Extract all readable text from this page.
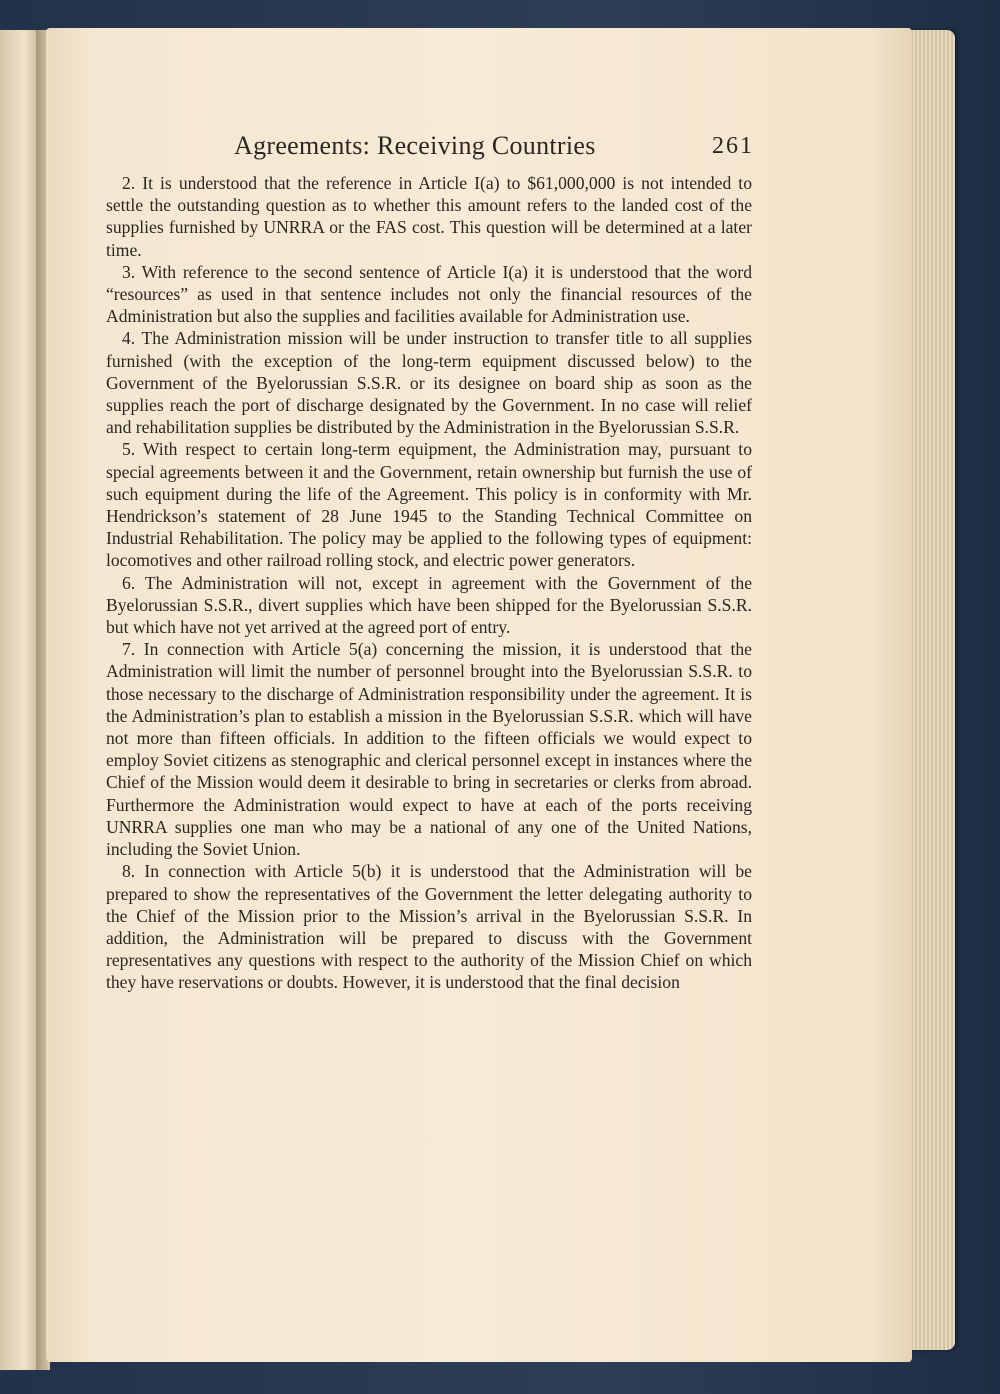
Agreements: Receiving Countries	261

2. It is understood that the reference in Article I(a) to $61,000,000 is not intended to settle the outstanding question as to whether this amount refers to the landed cost of the supplies furnished by UNRRA or the FAS cost. This question will be determined at a later time.

3. With reference to the second sentence of Article I(a) it is understood that the word “resources” as used in that sentence includes not only the financial resources of the Administration but also the supplies and facilities available for Administration use.

4. The Administration mission will be under instruction to transfer title to all supplies furnished (with the exception of the long-term equipment discussed below) to the Government of the Byelorussian S.S.R. or its designee on board ship as soon as the supplies reach the port of discharge designated by the Government. In no case will relief and rehabilitation supplies be distributed by the Administration in the Byelorussian S.S.R.

5. With respect to certain long-term equipment, the Administration may, pursuant to special agreements between it and the Government, retain ownership but furnish the use of such equipment during the life of the Agreement. This policy is in conformity with Mr. Hendrickson’s statement of 28 June 1945 to the Standing Technical Committee on Industrial Rehabilitation. The policy may be applied to the following types of equipment: locomotives and other railroad rolling stock, and electric power generators.

6. The Administration will not, except in agreement with the Government of the Byelorussian S.S.R., divert supplies which have been shipped for the Byelorussian S.S.R. but which have not yet arrived at the agreed port of entry.

7. In connection with Article 5(a) concerning the mission, it is understood that the Administration will limit the number of personnel brought into the Byelorussian S.S.R. to those necessary to the discharge of Administration responsibility under the agreement. It is the Administration’s plan to establish a mission in the Byelorussian S.S.R. which will have not more than fifteen officials. In addition to the fifteen officials we would expect to employ Soviet citizens as stenographic and clerical personnel except in instances where the Chief of the Mission would deem it desirable to bring in secretaries or clerks from abroad. Furthermore the Administration would expect to have at each of the ports receiving UNRRA supplies one man who may be a national of any one of the United Nations, including the Soviet Union.

8. In connection with Article 5(b) it is understood that the Administration will be prepared to show the representatives of the Government the letter delegating authority to the Chief of the Mission prior to the Mission’s arrival in the Byelorussian S.S.R. In addition, the Administration will be prepared to discuss with the Government representatives any questions with respect to the authority of the Mission Chief on which they have reservations or doubts. However, it is understood that the final decision
